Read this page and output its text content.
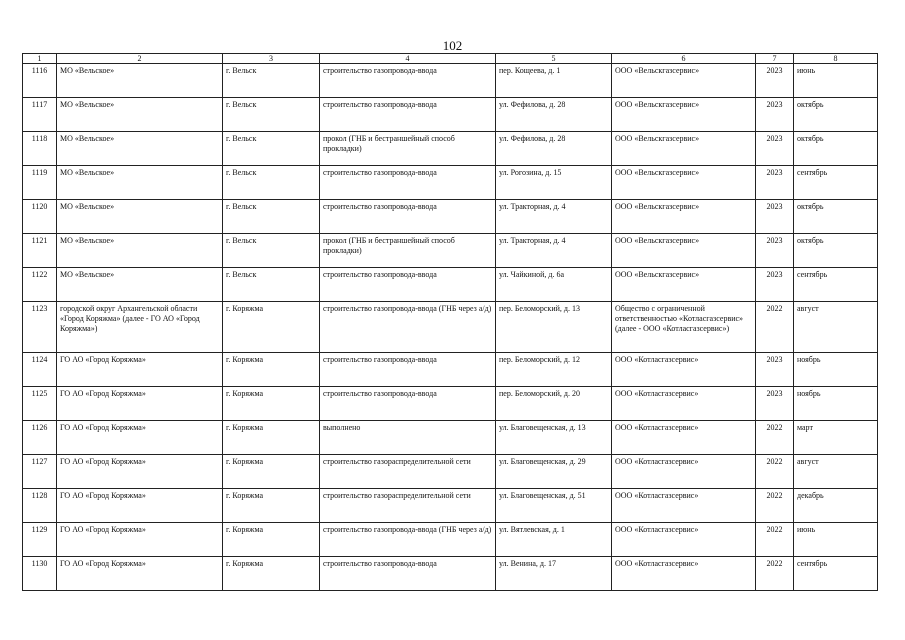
102
1	2	3	4	5	6	7	8
1116	МО «Вельское»	г. Вельск	строительство газопровода-ввода	пер. Кощеева, д. 1	ООО «Вельскгазсервис»	2023	июнь
1117	МО «Вельское»	г. Вельск	строительство газопровода-ввода	ул. Фефилова, д. 28	ООО «Вельскгазсервис»	2023	октябрь
1118	МО «Вельское»	г. Вельск	прокол (ГНБ и бестраншейный способ прокладки)	ул. Фефилова, д. 28	ООО «Вельскгазсервис»	2023	октябрь
1119	МО «Вельское»	г. Вельск	строительство газопровода-ввода	ул. Рогозина, д. 15	ООО «Вельскгазсервис»	2023	сентябрь
1120	МО «Вельское»	г. Вельск	строительство газопровода-ввода	ул. Тракторная, д. 4	ООО «Вельскгазсервис»	2023	октябрь
1121	МО «Вельское»	г. Вельск	прокол (ГНБ и бестраншейный способ прокладки)	ул. Тракторная, д. 4	ООО «Вельскгазсервис»	2023	октябрь
1122	МО «Вельское»	г. Вельск	строительство газопровода-ввода	ул. Чайкиной, д. 6а	ООО «Вельскгазсервис»	2023	сентябрь
1123	городской округ Архангельской области «Город Коряжма» (далее - ГО АО «Город Коряжма»)	г. Коряжма	строительство газопровода-ввода (ГНБ через а/д)	пер. Беломорский, д. 13	Общество с ограниченной ответственностью «Котласгазсервис» (далее - ООО «Котласгазсервис»)	2022	август
1124	ГО АО «Город Коряжма»	г. Коряжма	строительство газопровода-ввода	пер. Беломорский, д. 12	ООО «Котласгазсервис»	2023	ноябрь
1125	ГО АО «Город Коряжма»	г. Коряжма	строительство газопровода-ввода	пер. Беломорский, д. 20	ООО «Котласгазсервис»	2023	ноябрь
1126	ГО АО «Город Коряжма»	г. Коряжма	выполнено	ул. Благовещенская, д. 13	ООО «Котласгазсервис»	2022	март
1127	ГО АО «Город Коряжма»	г. Коряжма	строительство газораспределительной сети	ул. Благовещенская, д. 29	ООО «Котласгазсервис»	2022	август
1128	ГО АО «Город Коряжма»	г. Коряжма	строительство газораспределительной сети	ул. Благовещенская, д. 51	ООО «Котласгазсервис»	2022	декабрь
1129	ГО АО «Город Коряжма»	г. Коряжма	строительство газопровода-ввода (ГНБ через а/д)	ул. Вятлевская, д. 1	ООО «Котласгазсервис»	2022	июнь
1130	ГО АО «Город Коряжма»	г. Коряжма	строительство газопровода-ввода	ул. Венина, д. 17	ООО «Котласгазсервис»	2022	сентябрь
